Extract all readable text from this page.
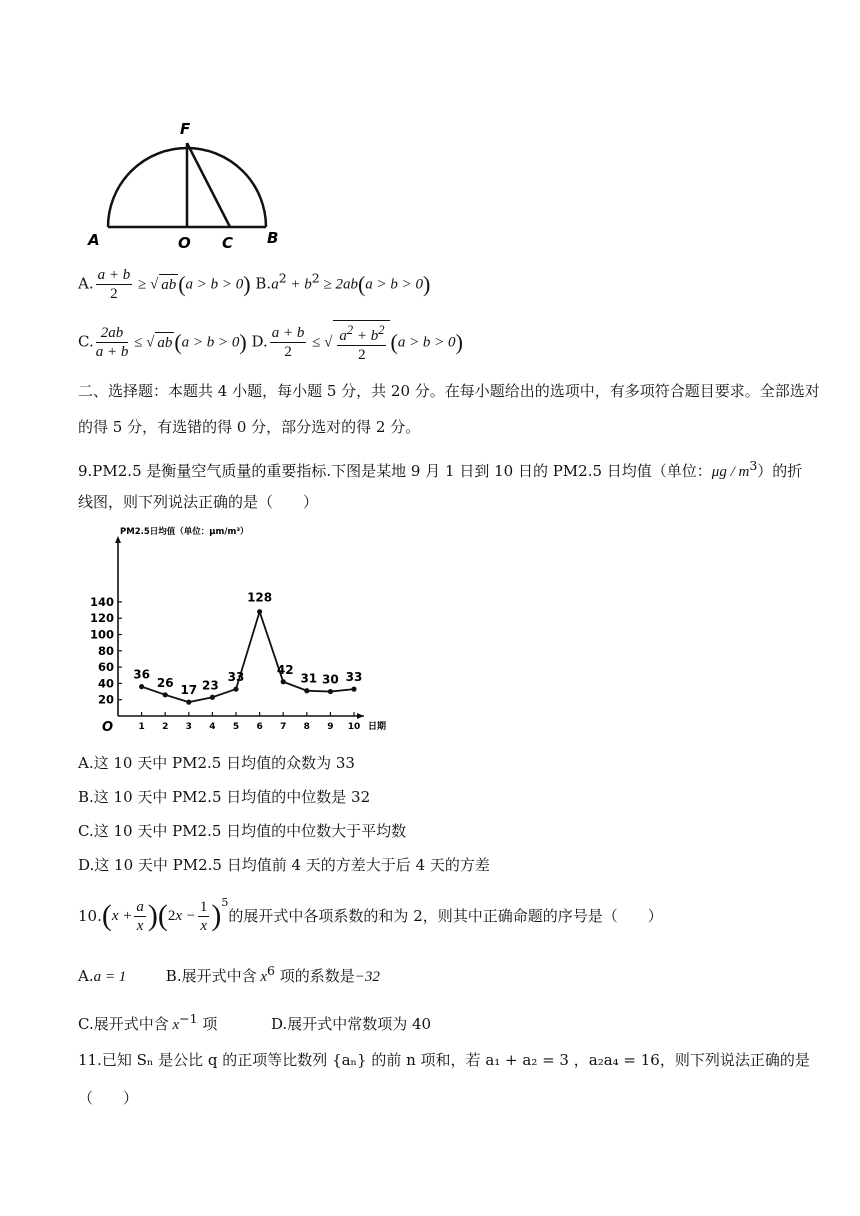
F
A	O C B
A. $\frac{a + b}{2}$ ≥ √ ab(a > b > 0) $B.a^2 + b^2 \ge 2ab(a > b > 0)$
C. $\frac{2ab}{a + b}$ ≤ √ ab(a > b > 0) D. $\frac{a + b}{2}$ ≤ √ $\frac{a^2 + b^2}{2} (a > b > 0)$
二、选择题：本题共 4 小题，每小题 5 分，共 20 分。在每小题给出的选项中，有多项符合题目要求。全部选对
的得 5 分，有选错的得 0 分，部分选对的得 2 分。
9.PM2.5 是衡量空气质量的重要指标.下图是某地 9 月 1 日到 10 日的 PM2.5 日均值（单位：μg / $m^3$）的折
线图，则下列说法正确的是（　　）
PM2.5日均值（单位：μm/m³）
O	日期
20
40
60
80
100
120
140
1 2 3 4 5 6 7 8 9 10
36
26
17 23
33
128
42
31 30 33
A.这 10 天中 PM2.5 日均值的众数为 33
B.这 10 天中 PM2.5 日均值的中位数是 32
C.这 10 天中 PM2.5 日均值的中位数大于平均数
D.这 10 天中 PM2.5 日均值前 4 天的方差大于后 4 天的方差
10. ( $x + \frac{a}{x}$ ) ( 2 $x - \frac{1}{x} )^5$
的展开式中各项系数的和为 2，则其中正确命题的序号是（　　）
A.a = 1	B.展开式中含 $x^6$ 项的系数是−32
C.展开式中含 $x^{-1}$ 项	D.展开式中常数项为 40
11.已知 Sₙ 是公比 q 的正项等比数列 {aₙ} 的前 n 项和，若 a₁ + a₂ = 3 ，a₂a₄ = 16，则下列说法正确的是
（　　）
